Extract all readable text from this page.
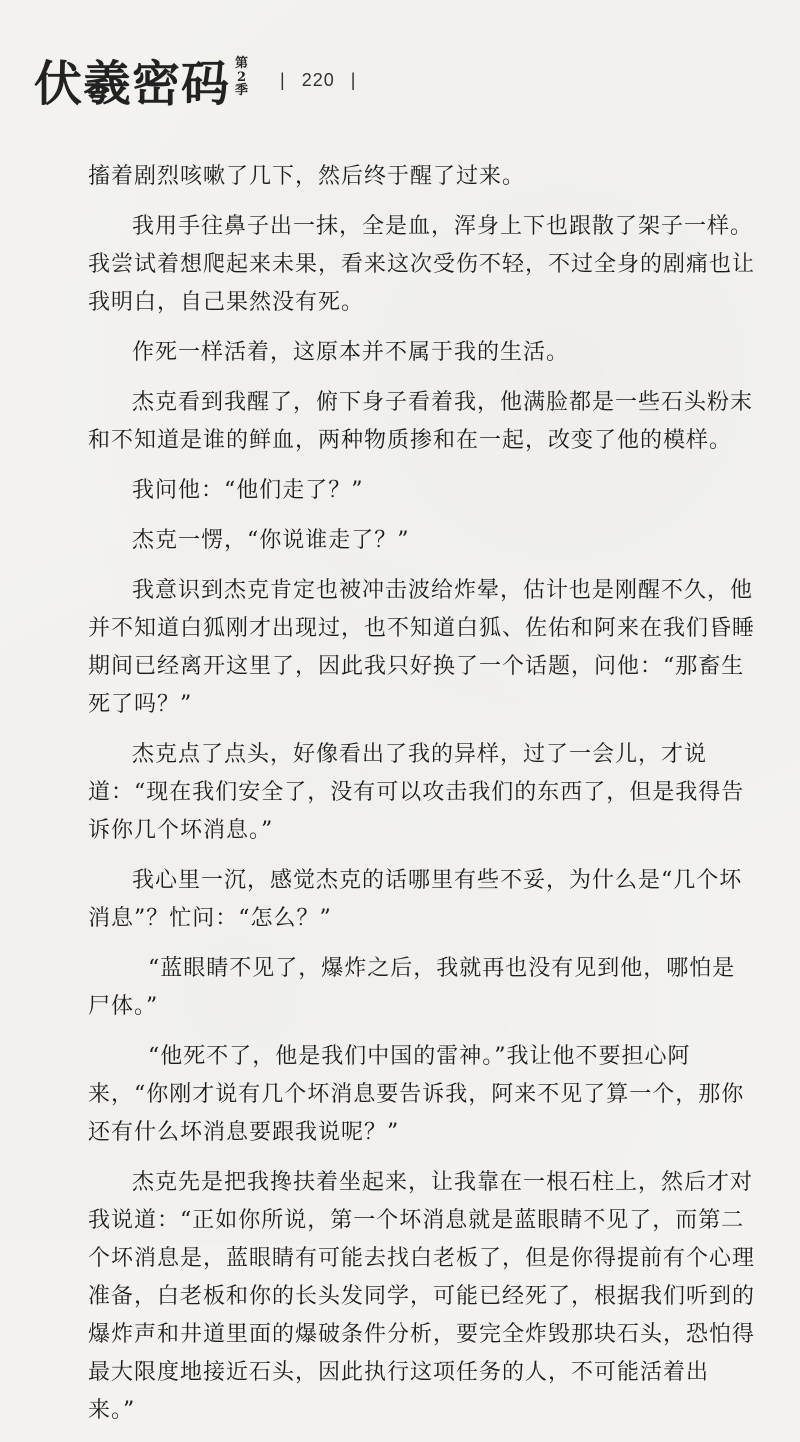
伏羲密码 第
2
季
| 220 |

搐着剧烈咳嗽了几下，然后终于醒了过来。

我用手往鼻子出一抹，全是血，浑身上下也跟散了架子一样。我尝试着想爬起来未果，看来这次受伤不轻，不过全身的剧痛也让我明白，自己果然没有死。

作死一样活着，这原本并不属于我的生活。

杰克看到我醒了，俯下身子看着我，他满脸都是一些石头粉末和不知道是谁的鲜血，两种物质掺和在一起，改变了他的模样。

我问他：“他们走了？”

杰克一愣，“你说谁走了？”

我意识到杰克肯定也被冲击波给炸晕，估计也是刚醒不久，他并不知道白狐刚才出现过，也不知道白狐、佐佑和阿来在我们昏睡期间已经离开这里了，因此我只好换了一个话题，问他：“那畜生死了吗？”

杰克点了点头，好像看出了我的异样，过了一会儿，才说道：“现在我们安全了，没有可以攻击我们的东西了，但是我得告诉你几个坏消息。”

我心里一沉，感觉杰克的话哪里有些不妥，为什么是“几个坏消息”？忙问：“怎么？”

“蓝眼睛不见了，爆炸之后，我就再也没有见到他，哪怕是尸体。”

“他死不了，他是我们中国的雷神。”我让他不要担心阿来，“你刚才说有几个坏消息要告诉我，阿来不见了算一个，那你还有什么坏消息要跟我说呢？”

杰克先是把我搀扶着坐起来，让我靠在一根石柱上，然后才对我说道：“正如你所说，第一个坏消息就是蓝眼睛不见了，而第二个坏消息是，蓝眼睛有可能去找白老板了，但是你得提前有个心理准备，白老板和你的长头发同学，可能已经死了，根据我们听到的爆炸声和井道里面的爆破条件分析，要完全炸毁那块石头，恐怕得最大限度地接近石头，因此执行这项任务的人，不可能活着出来。”
